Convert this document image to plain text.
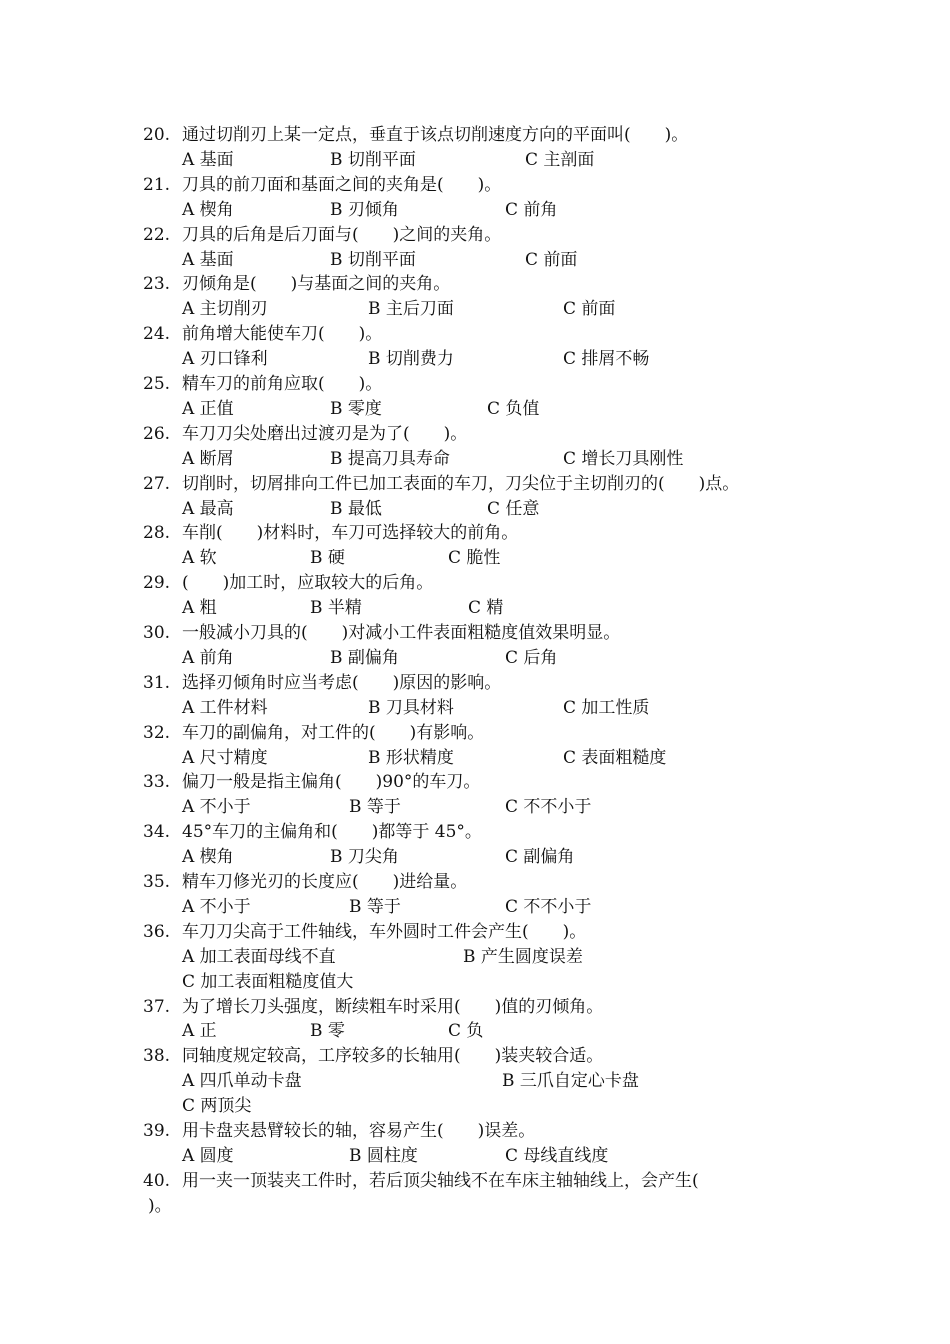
20. 通过切削刃上某一定点，垂直于该点切削速度方向的平面叫(　　)。
A 基面	B 切削平面	C 主剖面
21. 刀具的前刀面和基面之间的夹角是(　　)。
A 楔角	B 刃倾角	C 前角
22. 刀具的后角是后刀面与(　　)之间的夹角。
A 基面	B 切削平面	C 前面
23. 刃倾角是(　　)与基面之间的夹角。
A 主切削刃	B 主后刀面	C 前面
24. 前角增大能使车刀(　　)。
A 刃口锋利	B 切削费力	C 排屑不畅
25. 精车刀的前角应取(　　)。
A 正值	B 零度	C 负值
26. 车刀刀尖处磨出过渡刃是为了(　　)。
A 断屑	B 提高刀具寿命	C 增长刀具刚性
27. 切削时，切屑排向工件已加工表面的车刀，刀尖位于主切削刃的(　　)点。
A 最高	B 最低	C 任意
28. 车削(　　)材料时，车刀可选择较大的前角。
A 软	B 硬	C 脆性
29. (　　)加工时，应取较大的后角。
A 粗	B 半精	C 精
30. 一般减小刀具的(　　)对减小工件表面粗糙度值效果明显。
A 前角	B 副偏角	C 后角
31. 选择刃倾角时应当考虑(　　)原因的影响。
A 工件材料	B 刀具材料	C 加工性质
32. 车刀的副偏角，对工件的(　　)有影响。
A 尺寸精度	B 形状精度	C 表面粗糙度
33. 偏刀一般是指主偏角(　　)90°的车刀。
A 不小于	B 等于	C 不不小于
34. 45°车刀的主偏角和(　　)都等于 45°。
A 楔角	B 刀尖角	C 副偏角
35. 精车刀修光刃的长度应(　　)进给量。
A 不小于	B 等于	C 不不小于
36. 车刀刀尖高于工件轴线，车外圆时工件会产生(　　)。
A 加工表面母线不直	B 产生圆度误差
C 加工表面粗糙度值大
37. 为了增长刀头强度，断续粗车时采用(　　)值的刃倾角。
A 正	B 零	C 负
38. 同轴度规定较高，工序较多的长轴用(　　)装夹较合适。
A 四爪单动卡盘	B 三爪自定心卡盘
C 两顶尖
39. 用卡盘夹悬臂较长的轴，容易产生(　　)误差。
A 圆度	B 圆柱度	C 母线直线度
40. 用一夹一顶装夹工件时，若后顶尖轴线不在车床主轴轴线上，会产生(
)。
